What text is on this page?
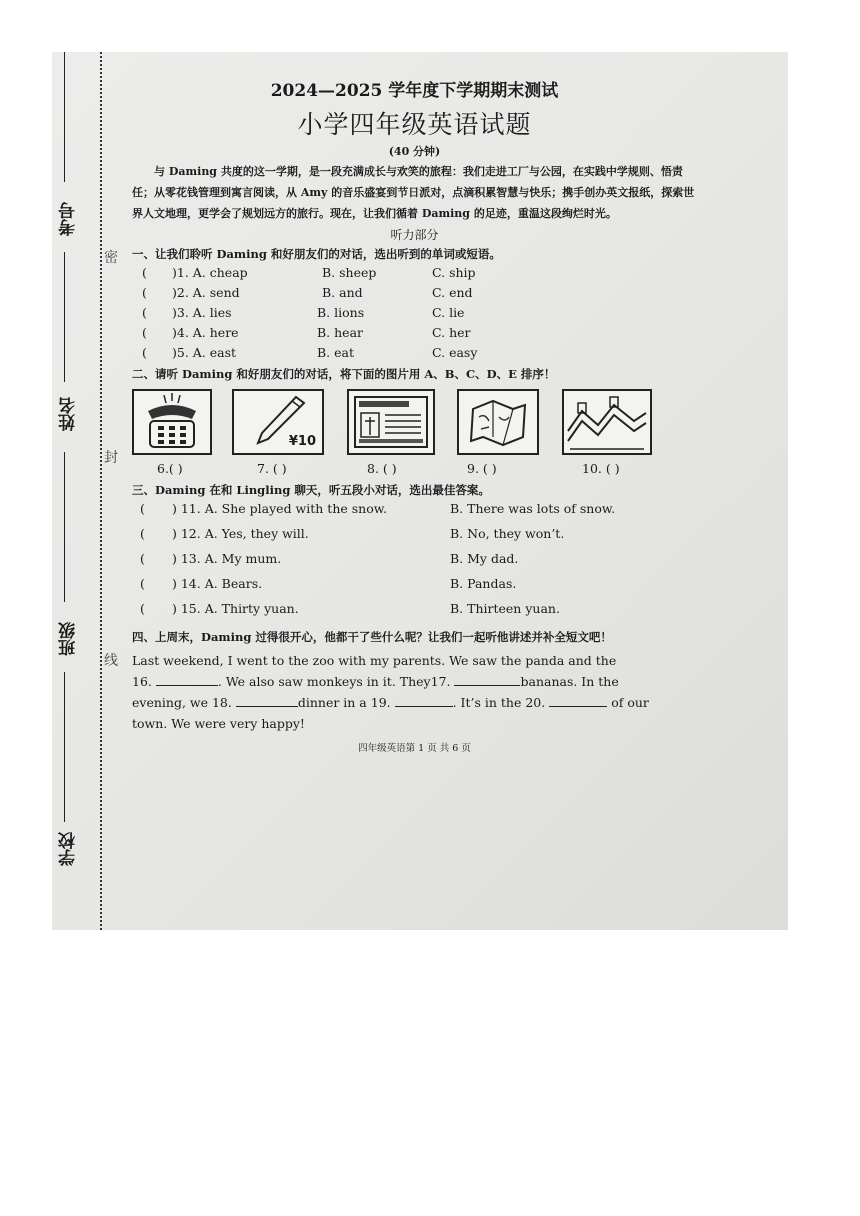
考号
姓名
班级
学校
密
封
线
2024—2025 学年度下学期期末测试
小学四年级英语试题
(40 分钟)
与 Daming 共度的这一学期，是一段充满成长与欢笑的旅程：我们走进工厂与公园，在实践中学规则、悟责任；从零花钱管理到寓言阅读，从 Amy 的音乐盛宴到节日派对，点滴积累智慧与快乐；携手创办英文报纸，探索世界人文地理，更学会了规划远方的旅行。现在，让我们循着 Daming 的足迹，重温这段绚烂时光。
听力部分
一、让我们聆听 Daming 和好朋友们的对话，选出听到的单词或短语。
( )1. A. cheap	B. sheep	C. ship
( )2. A. send	B. and	C. end
( )3. A. lies	B. lions	C. lie
( )4. A. here	B. hear	C. her
( )5. A. east	B. eat	C. easy
二、请听 Daming 和好朋友们的对话，将下面的图片用 A、B、C、D、E 排序！
¥10
6.( )	7. ( )	8. ( )	9. ( )	10. ( )
三、Daming 在和 Lingling 聊天，听五段小对话，选出最佳答案。
( ) 11. A. She played with the snow.	B. There was lots of snow.
( ) 12. A. Yes, they will.	B. No, they won’t.
( ) 13. A. My mum.	B. My dad.
( ) 14. A. Bears.	B. Pandas.
( ) 15. A. Thirty yuan.	B. Thirteen yuan.
四、上周末，Daming 过得很开心，他都干了些什么呢？让我们一起听他讲述并补全短文吧！
Last weekend, I went to the zoo with my parents. We saw the panda and the
16.	. We also saw monkeys in it. They17.	bananas. In the
evening, we 18.	dinner in a 19.	. It’s in the 20.	of our
town. We were very happy!
四年级英语第 1 页 共 6 页
